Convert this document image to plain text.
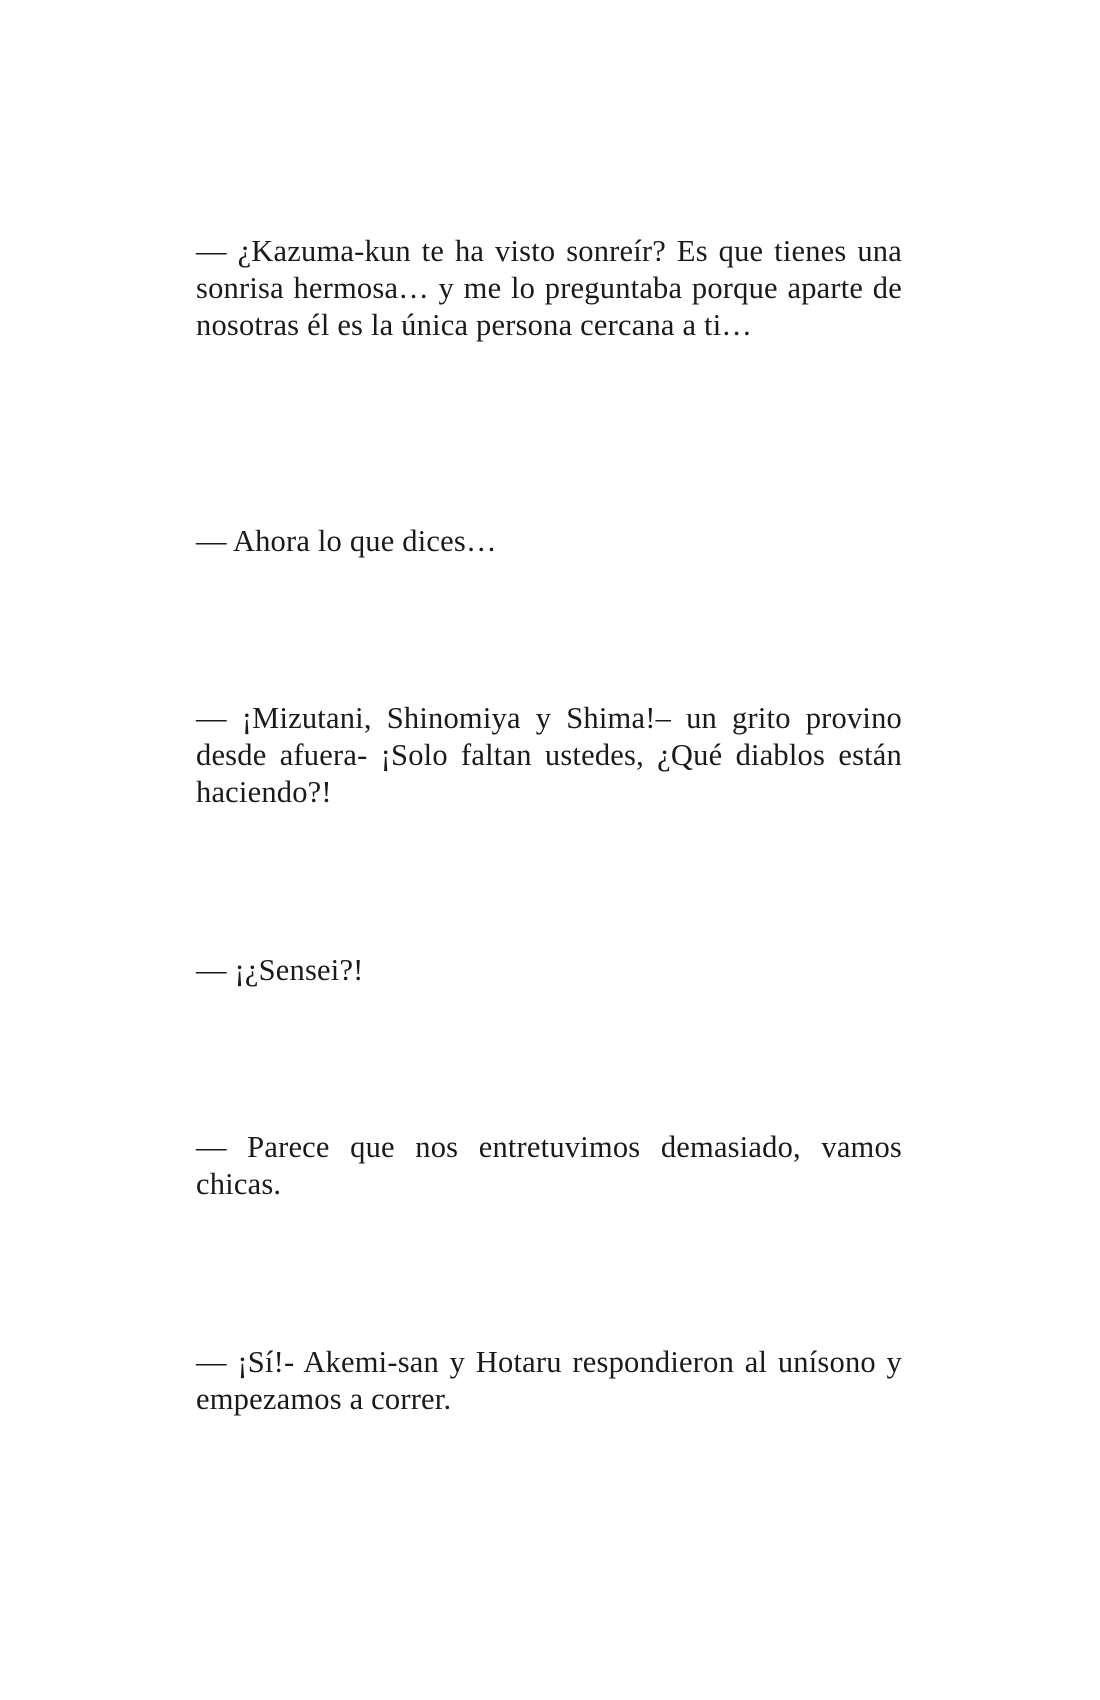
— ¿Kazuma-kun te ha visto sonreír? Es que tienes una sonrisa hermosa… y me lo preguntaba porque aparte de nosotras él es la única persona cercana a ti…

— Ahora lo que dices…

— ¡Mizutani, Shinomiya y Shima!– un grito provino desde afuera- ¡Solo faltan ustedes, ¿Qué diablos están haciendo?!

— ¡¿Sensei?!

— Parece que nos entretuvimos demasiado, vamos chicas.

— ¡Sí!- Akemi-san y Hotaru respondieron al unísono y empezamos a correr.
